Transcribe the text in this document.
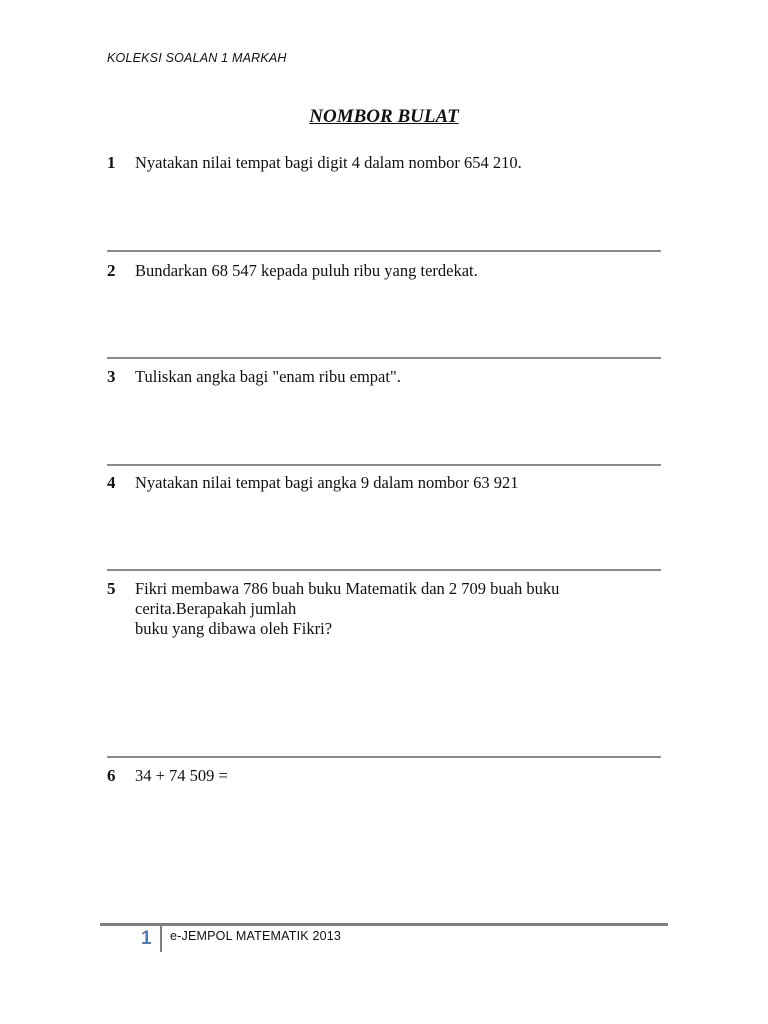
KOLEKSI SOALAN 1 MARKAH
NOMBOR BULAT
1 Nyatakan nilai tempat bagi digit 4 dalam nombor 654 210.
2 Bundarkan 68 547 kepada puluh ribu yang terdekat.
3 Tuliskan angka bagi "enam ribu empat".
4 Nyatakan nilai tempat bagi angka 9 dalam nombor 63 921
5 Fikri membawa 786 buah buku Matematik dan 2 709 buah buku
cerita.Berapakah jumlah
buku yang dibawa oleh Fikri?
6 34 + 74 509 =
1 e-JEMPOL MATEMATIK 2013
